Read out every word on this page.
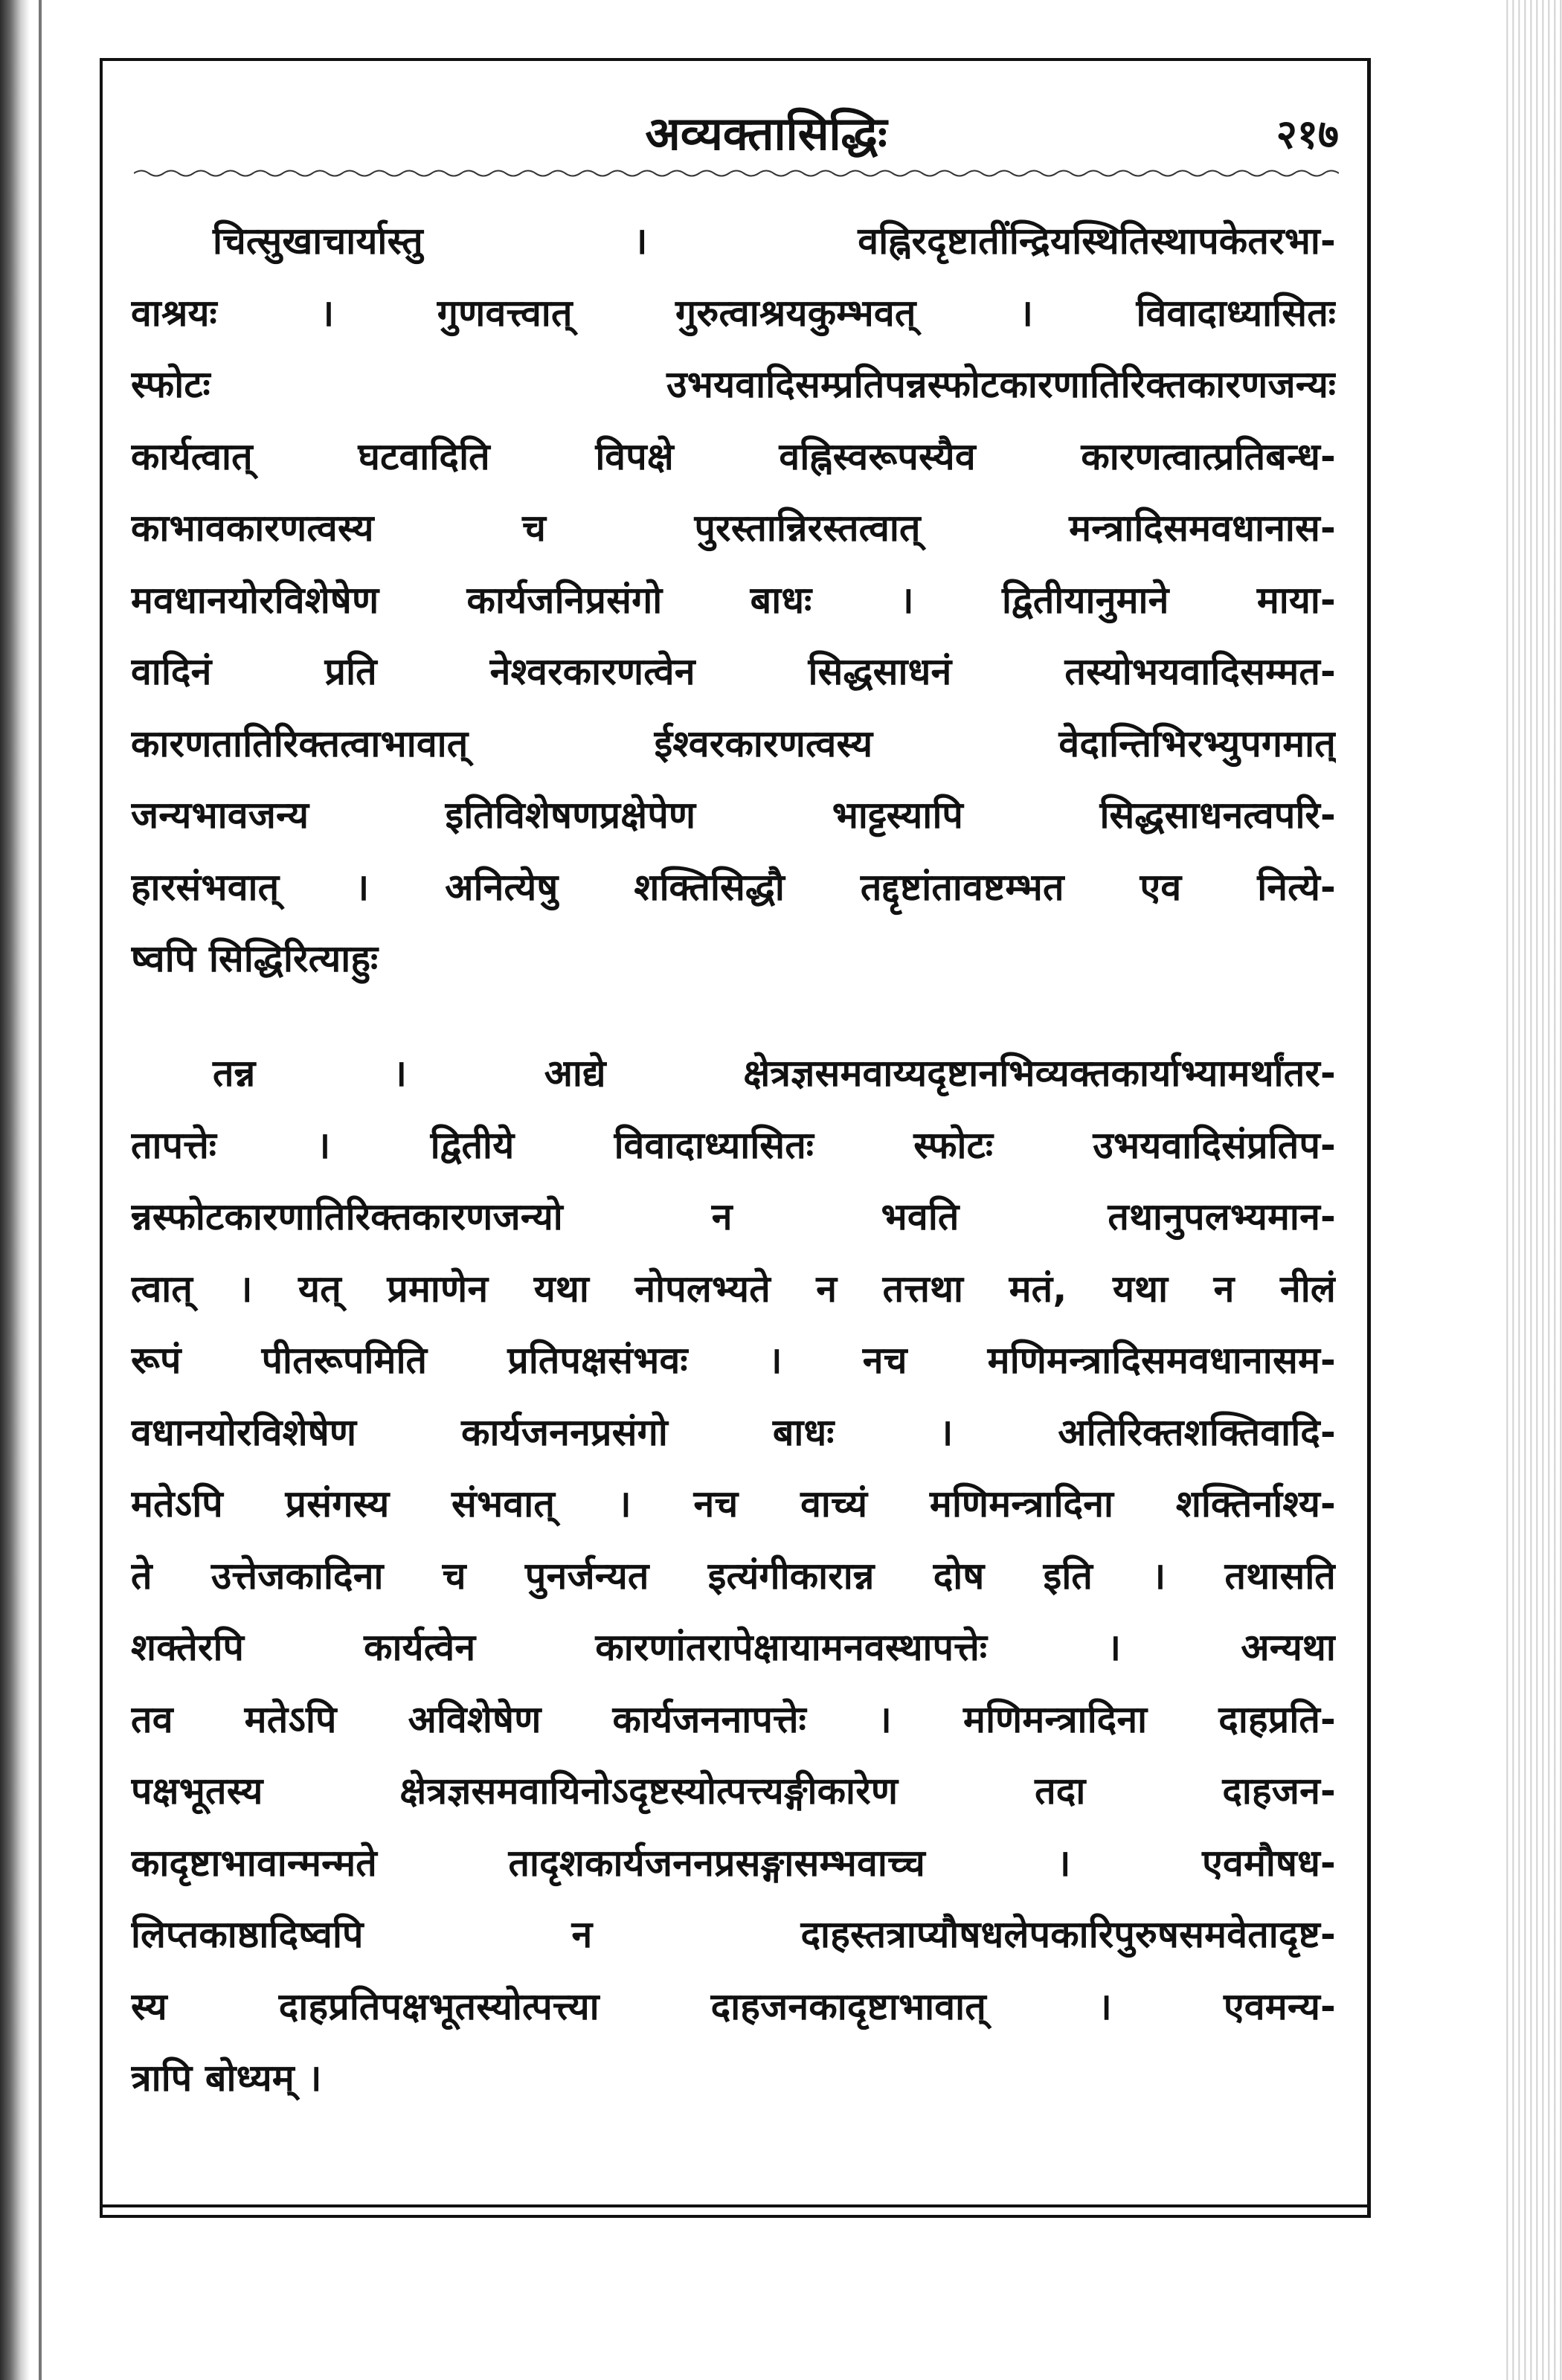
अव्यक्तासिद्धिः	२१७
चित्सुखाचार्यास्तु । वह्निरदृष्टातींन्द्रियस्थितिस्थापकेतरभा-
वाश्रयः । गुणवत्त्वात् गुरुत्वाश्रयकुम्भवत् । विवादाध्यासितः
स्फोटः उभयवादिसम्प्रतिपन्नस्फोटकारणातिरिक्तकारणजन्यः
कार्यत्वात् घटवादिति विपक्षे वह्निस्वरूपस्यैव कारणत्वात्प्रतिबन्ध-
काभावकारणत्वस्य च पुरस्तान्निरस्तत्वात् मन्त्रादिसमवधानास-
मवधानयोरविशेषेण कार्यजनिप्रसंगो बाधः । द्वितीयानुमाने माया-
वादिनं प्रति नेश्वरकारणत्वेन सिद्धसाधनं तस्योभयवादिसम्मत-
कारणतातिरिक्तत्वाभावात् ईश्वरकारणत्वस्य वेदान्तिभिरभ्युपगमात्
जन्यभावजन्य इतिविशेषणप्रक्षेपेण भाट्टस्यापि सिद्धसाधनत्वपरि-
हारसंभवात् । अनित्येषु शक्तिसिद्धौ तद्दृष्टांतावष्टम्भत एव नित्ये-
ष्वपि सिद्धिरित्याहुः
तन्न । आद्ये क्षेत्रज्ञसमवाय्यदृष्टानभिव्यक्तकार्याभ्यामर्थांतर-
तापत्तेः । द्वितीये विवादाध्यासितः स्फोटः उभयवादिसंप्रतिप-
न्नस्फोटकारणातिरिक्तकारणजन्यो न भवति तथानुपलभ्यमान-
त्वात् । यत् प्रमाणेन यथा नोपलभ्यते न तत्तथा मतं, यथा न नीलं
रूपं पीतरूपमिति प्रतिपक्षसंभवः । नच मणिमन्त्रादिसमवधानासम-
वधानयोरविशेषेण कार्यजननप्रसंगो बाधः । अतिरिक्तशक्तिवादि-
मतेऽपि प्रसंगस्य संभवात् । नच वाच्यं मणिमन्त्रादिना शक्तिर्नाश्य-
ते उत्तेजकादिना च पुनर्जन्यत इत्यंगीकारान्न दोष इति । तथासति
शक्तेरपि कार्यत्वेन कारणांतरापेक्षायामनवस्थापत्तेः । अन्यथा
तव मतेऽपि अविशेषेण कार्यजननापत्तेः । मणिमन्त्रादिना दाहप्रति-
पक्षभूतस्य क्षेत्रज्ञसमवायिनोऽदृष्टस्योत्पत्त्यङ्गीकारेण तदा दाहजन-
कादृष्टाभावान्मन्मते तादृशकार्यजननप्रसङ्गासम्भवाच्च । एवमौषध-
लिप्तकाष्ठादिष्वपि न दाहस्तत्राप्यौषधलेपकारिपुरुषसमवेतादृष्ट-
स्य दाहप्रतिपक्षभूतस्योत्पत्त्या दाहजनकादृष्टाभावात् । एवमन्य-
त्रापि बोध्यम् ।
